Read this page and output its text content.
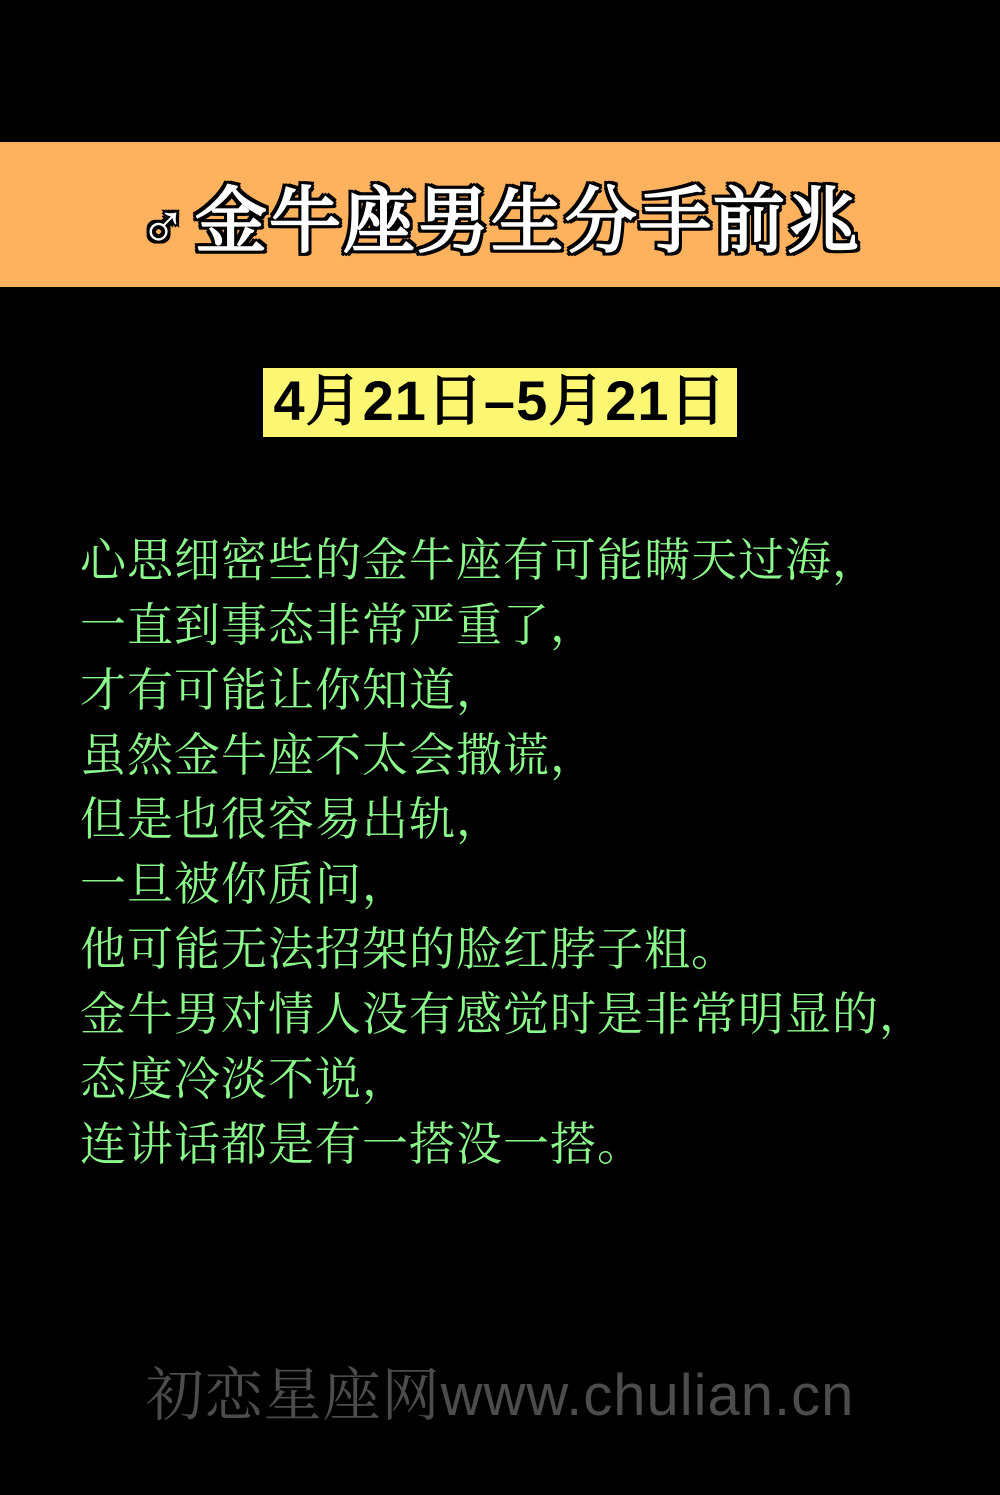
♂金牛座男生分手前兆
4月21日–5月21日
心思细密些的金牛座有可能瞒天过海，
一直到事态非常严重了，
才有可能让你知道，
虽然金牛座不太会撒谎，
但是也很容易出轨，
一旦被你质问，
他可能无法招架的脸红脖子粗。
金牛男对情人没有感觉时是非常明显的，
态度冷淡不说，
连讲话都是有一搭没一搭。
初恋星座网www.chulian.cn
